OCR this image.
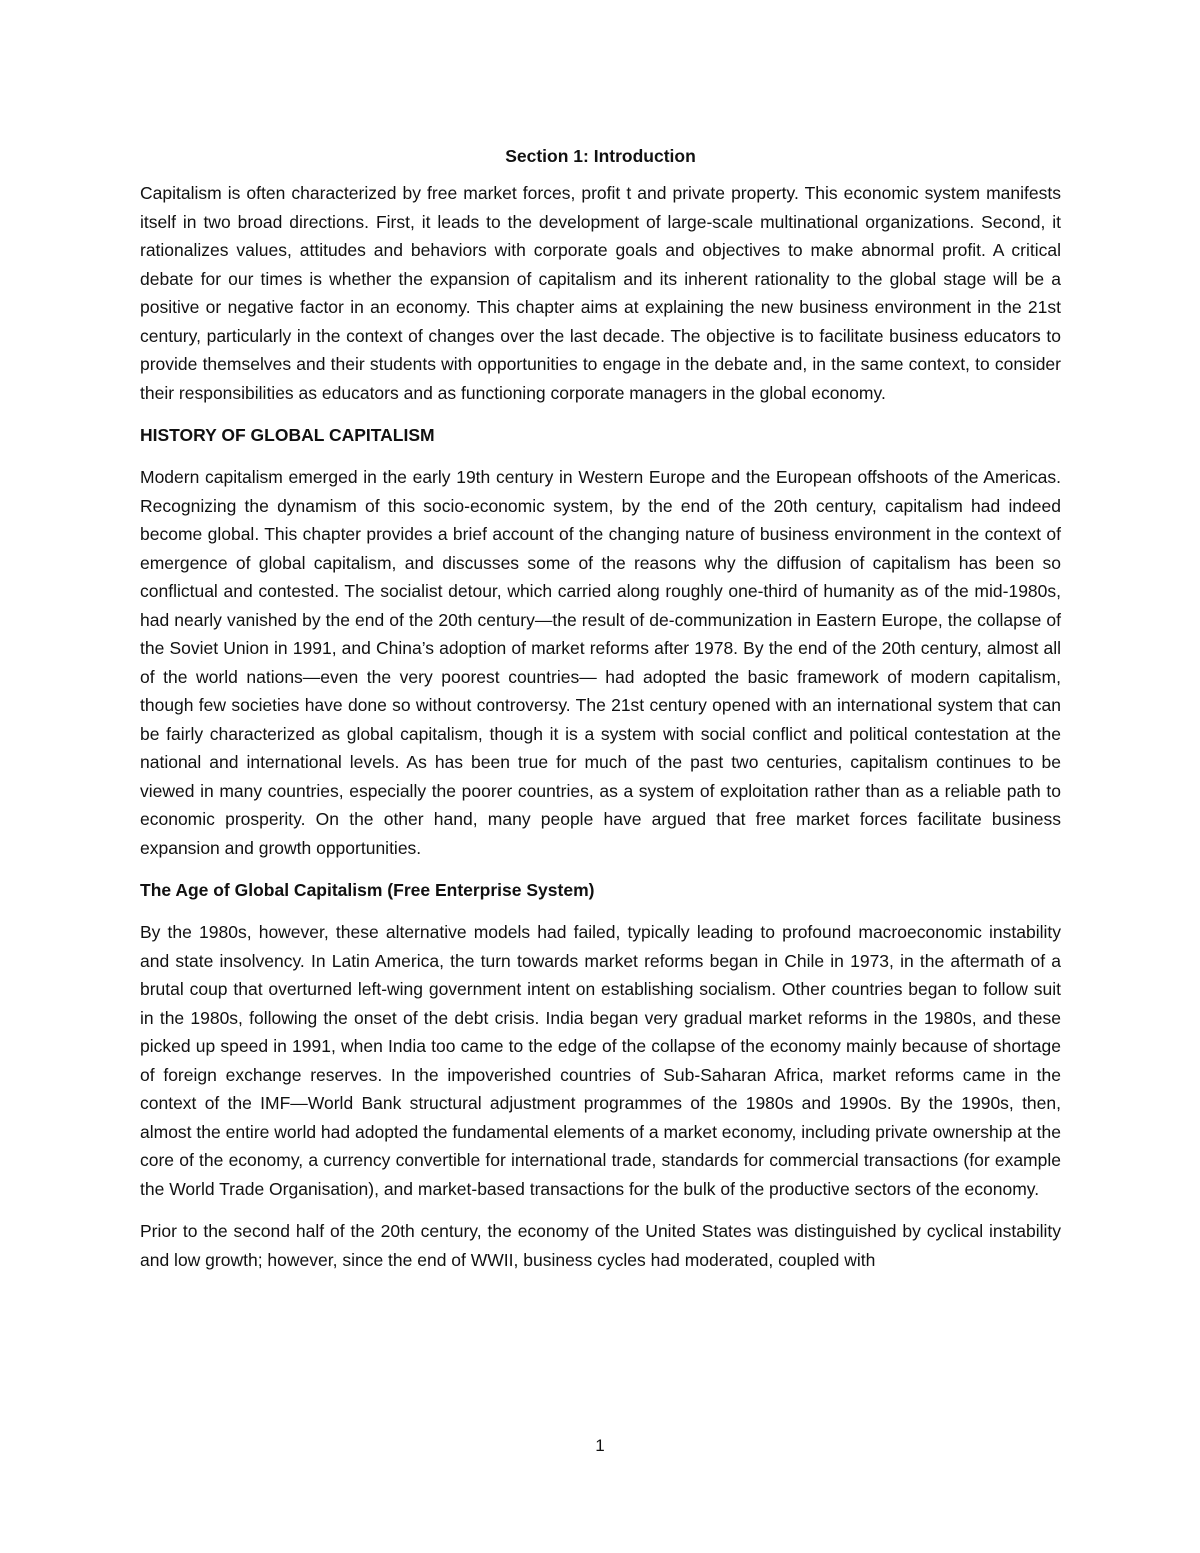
Section 1: Introduction

Capitalism is often characterized by free market forces, profit t and private property. This economic system manifests itself in two broad directions. First, it leads to the development of large-scale multinational organizations. Second, it rationalizes values, attitudes and behaviors with corporate goals and objectives to make abnormal profit. A critical debate for our times is whether the expansion of capitalism and its inherent rationality to the global stage will be a positive or negative factor in an economy. This chapter aims at explaining the new business environment in the 21st century, particularly in the context of changes over the last decade. The objective is to facilitate business educators to provide themselves and their students with opportunities to engage in the debate and, in the same context, to consider their responsibilities as educators and as functioning corporate managers in the global economy.

HISTORY OF GLOBAL CAPITALISM

Modern capitalism emerged in the early 19th century in Western Europe and the European offshoots of the Americas. Recognizing the dynamism of this socio-economic system, by the end of the 20th century, capitalism had indeed become global. This chapter provides a brief account of the changing nature of business environment in the context of emergence of global capitalism, and discusses some of the reasons why the diffusion of capitalism has been so conflictual and contested. The socialist detour, which carried along roughly one-third of humanity as of the mid-1980s, had nearly vanished by the end of the 20th century—the result of de-communization in Eastern Europe, the collapse of the Soviet Union in 1991, and China’s adoption of market reforms after 1978. By the end of the 20th century, almost all of the world nations—even the very poorest countries— had adopted the basic framework of modern capitalism, though few societies have done so without controversy. The 21st century opened with an international system that can be fairly characterized as global capitalism, though it is a system with social conflict and political contestation at the national and international levels. As has been true for much of the past two centuries, capitalism continues to be viewed in many countries, especially the poorer countries, as a system of exploitation rather than as a reliable path to economic prosperity. On the other hand, many people have argued that free market forces facilitate business expansion and growth opportunities.

The Age of Global Capitalism (Free Enterprise System)

By the 1980s, however, these alternative models had failed, typically leading to profound macroeconomic instability and state insolvency. In Latin America, the turn towards market reforms began in Chile in 1973, in the aftermath of a brutal coup that overturned left-wing government intent on establishing socialism. Other countries began to follow suit in the 1980s, following the onset of the debt crisis. India began very gradual market reforms in the 1980s, and these picked up speed in 1991, when India too came to the edge of the collapse of the economy mainly because of shortage of foreign exchange reserves. In the impoverished countries of Sub-Saharan Africa, market reforms came in the context of the IMF—World Bank structural adjustment programmes of the 1980s and 1990s. By the 1990s, then, almost the entire world had adopted the fundamental elements of a market economy, including private ownership at the core of the economy, a currency convertible for international trade, standards for commercial transactions (for example the World Trade Organisation), and market-based transactions for the bulk of the productive sectors of the economy.

Prior to the second half of the 20th century, the economy of the United States was distinguished by cyclical instability and low growth; however, since the end of WWII, business cycles had moderated, coupled with

1
